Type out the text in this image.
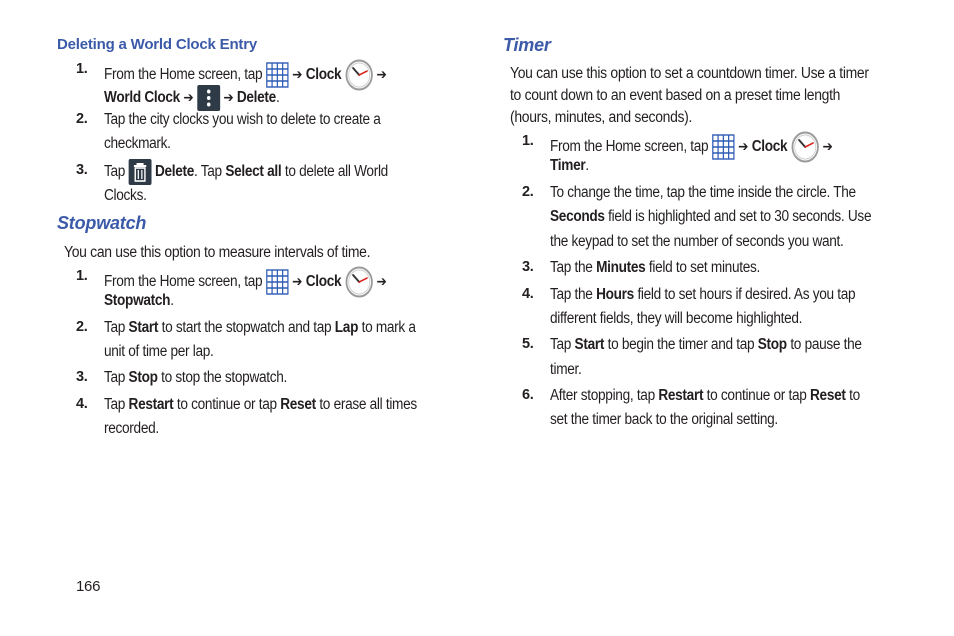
Deleting a World Clock Entry
1. From the Home screen, tap  ➔ Clock	➔
World Clock ➔ ➔ Delete.
2. Tap the city clocks you wish to delete to create a
checkmark.
3. Tap Delete. Tap Select all to delete all World
Clocks.
Stopwatch
You can use this option to measure intervals of time.
1. From the Home screen, tap  ➔ Clock	➔
Stopwatch.
2. Tap Start to start the stopwatch and tap Lap to mark a
unit of time per lap.
3. Tap Stop to stop the stopwatch.
4. Tap Restart to continue or tap Reset to erase all times
recorded.
Timer
You can use this option to set a countdown timer. Use a timer
to count down to an event based on a preset time length
(hours, minutes, and seconds).
1. From the Home screen, tap  ➔ Clock	➔
Timer.
2. To change the time, tap the time inside the circle. The
Seconds field is highlighted and set to 30 seconds. Use
the keypad to set the number of seconds you want.
3. Tap the Minutes field to set minutes.
4. Tap the Hours field to set hours if desired. As you tap
different fields, they will become highlighted.
5. Tap Start to begin the timer and tap Stop to pause the
timer.
6. After stopping, tap Restart to continue or tap Reset to
set the timer back to the original setting.
166
